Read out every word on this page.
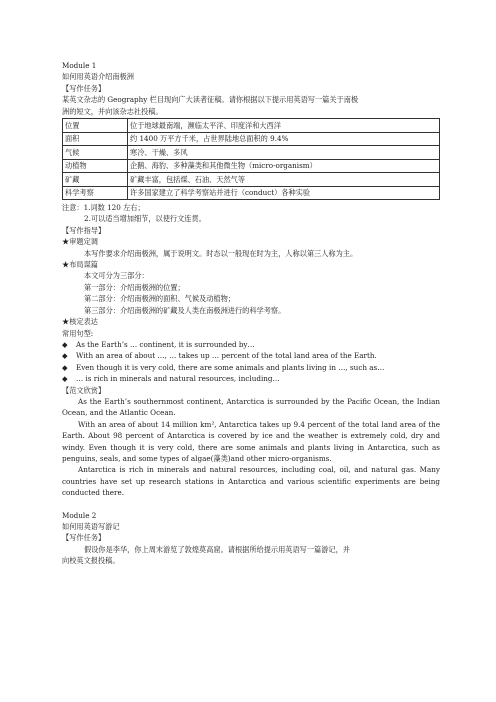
Module 1
如何用英语介绍南极洲
【写作任务】
某英文杂志的 Geography 栏目现向广大读者征稿。请你根据以下提示用英语写一篇关于南极
洲的短文，并向该杂志社投稿。
位置	位于地球最南端，濒临太平洋、印度洋和大西洋
面积	约 1400 万平方千米，占世界陆地总面积的 9.4%
气候	寒冷、干燥、多风
动植物	企鹅、海豹、多种藻类和其他微生物（micro-organism）
矿藏	矿藏丰富，包括煤、石油、天然气等
科学考察	许多国家建立了科学考察站并进行（conduct）各种实验
注意：1.词数 120 左右；
2.可以适当增加细节，以使行文连贯。
【写作指导】
★审题定调
本写作要求介绍南极洲，属于说明文。时态以一般现在时为主，人称以第三人称为主。
★布局谋篇
本文可分为三部分：
第一部分：介绍南极洲的位置；
第二部分：介绍南极洲的面积、气候及动植物；
第三部分：介绍南极洲的矿藏及人类在南极洲进行的科学考察。
★核定表达
常用句型:
◆ As the Earth’s … continent, it is surrounded by…
◆ With an area of about …, … takes up … percent of the total land area of the Earth.
◆ Even though it is very cold, there are some animals and plants living in …, such as…
◆ … is rich in minerals and natural resources, including…
【范文欣赏】
As the Earth’s southernmost continent, Antarctica is surrounded by the Pacific Ocean, the Indian Ocean, and the Atlantic Ocean.
With an area of about 14 million km², Antarctica takes up 9.4 percent of the total land area of the Earth. About 98 percent of Antarctica is covered by ice and the weather is extremely cold, dry and windy. Even though it is very cold, there are some animals and plants living in Antarctica, such as penguins, seals, and some types of algae(藻类)and other micro-organisms.
Antarctica is rich in minerals and natural resources, including coal, oil, and natural gas. Many countries have set up research stations in Antarctica and various scientific experiments are being conducted there.
Module 2
如何用英语写游记
【写作任务】
假设你是李华，你上周末游览了敦煌莫高窟。请根据所给提示用英语写一篇游记，并
向校英文报投稿。
